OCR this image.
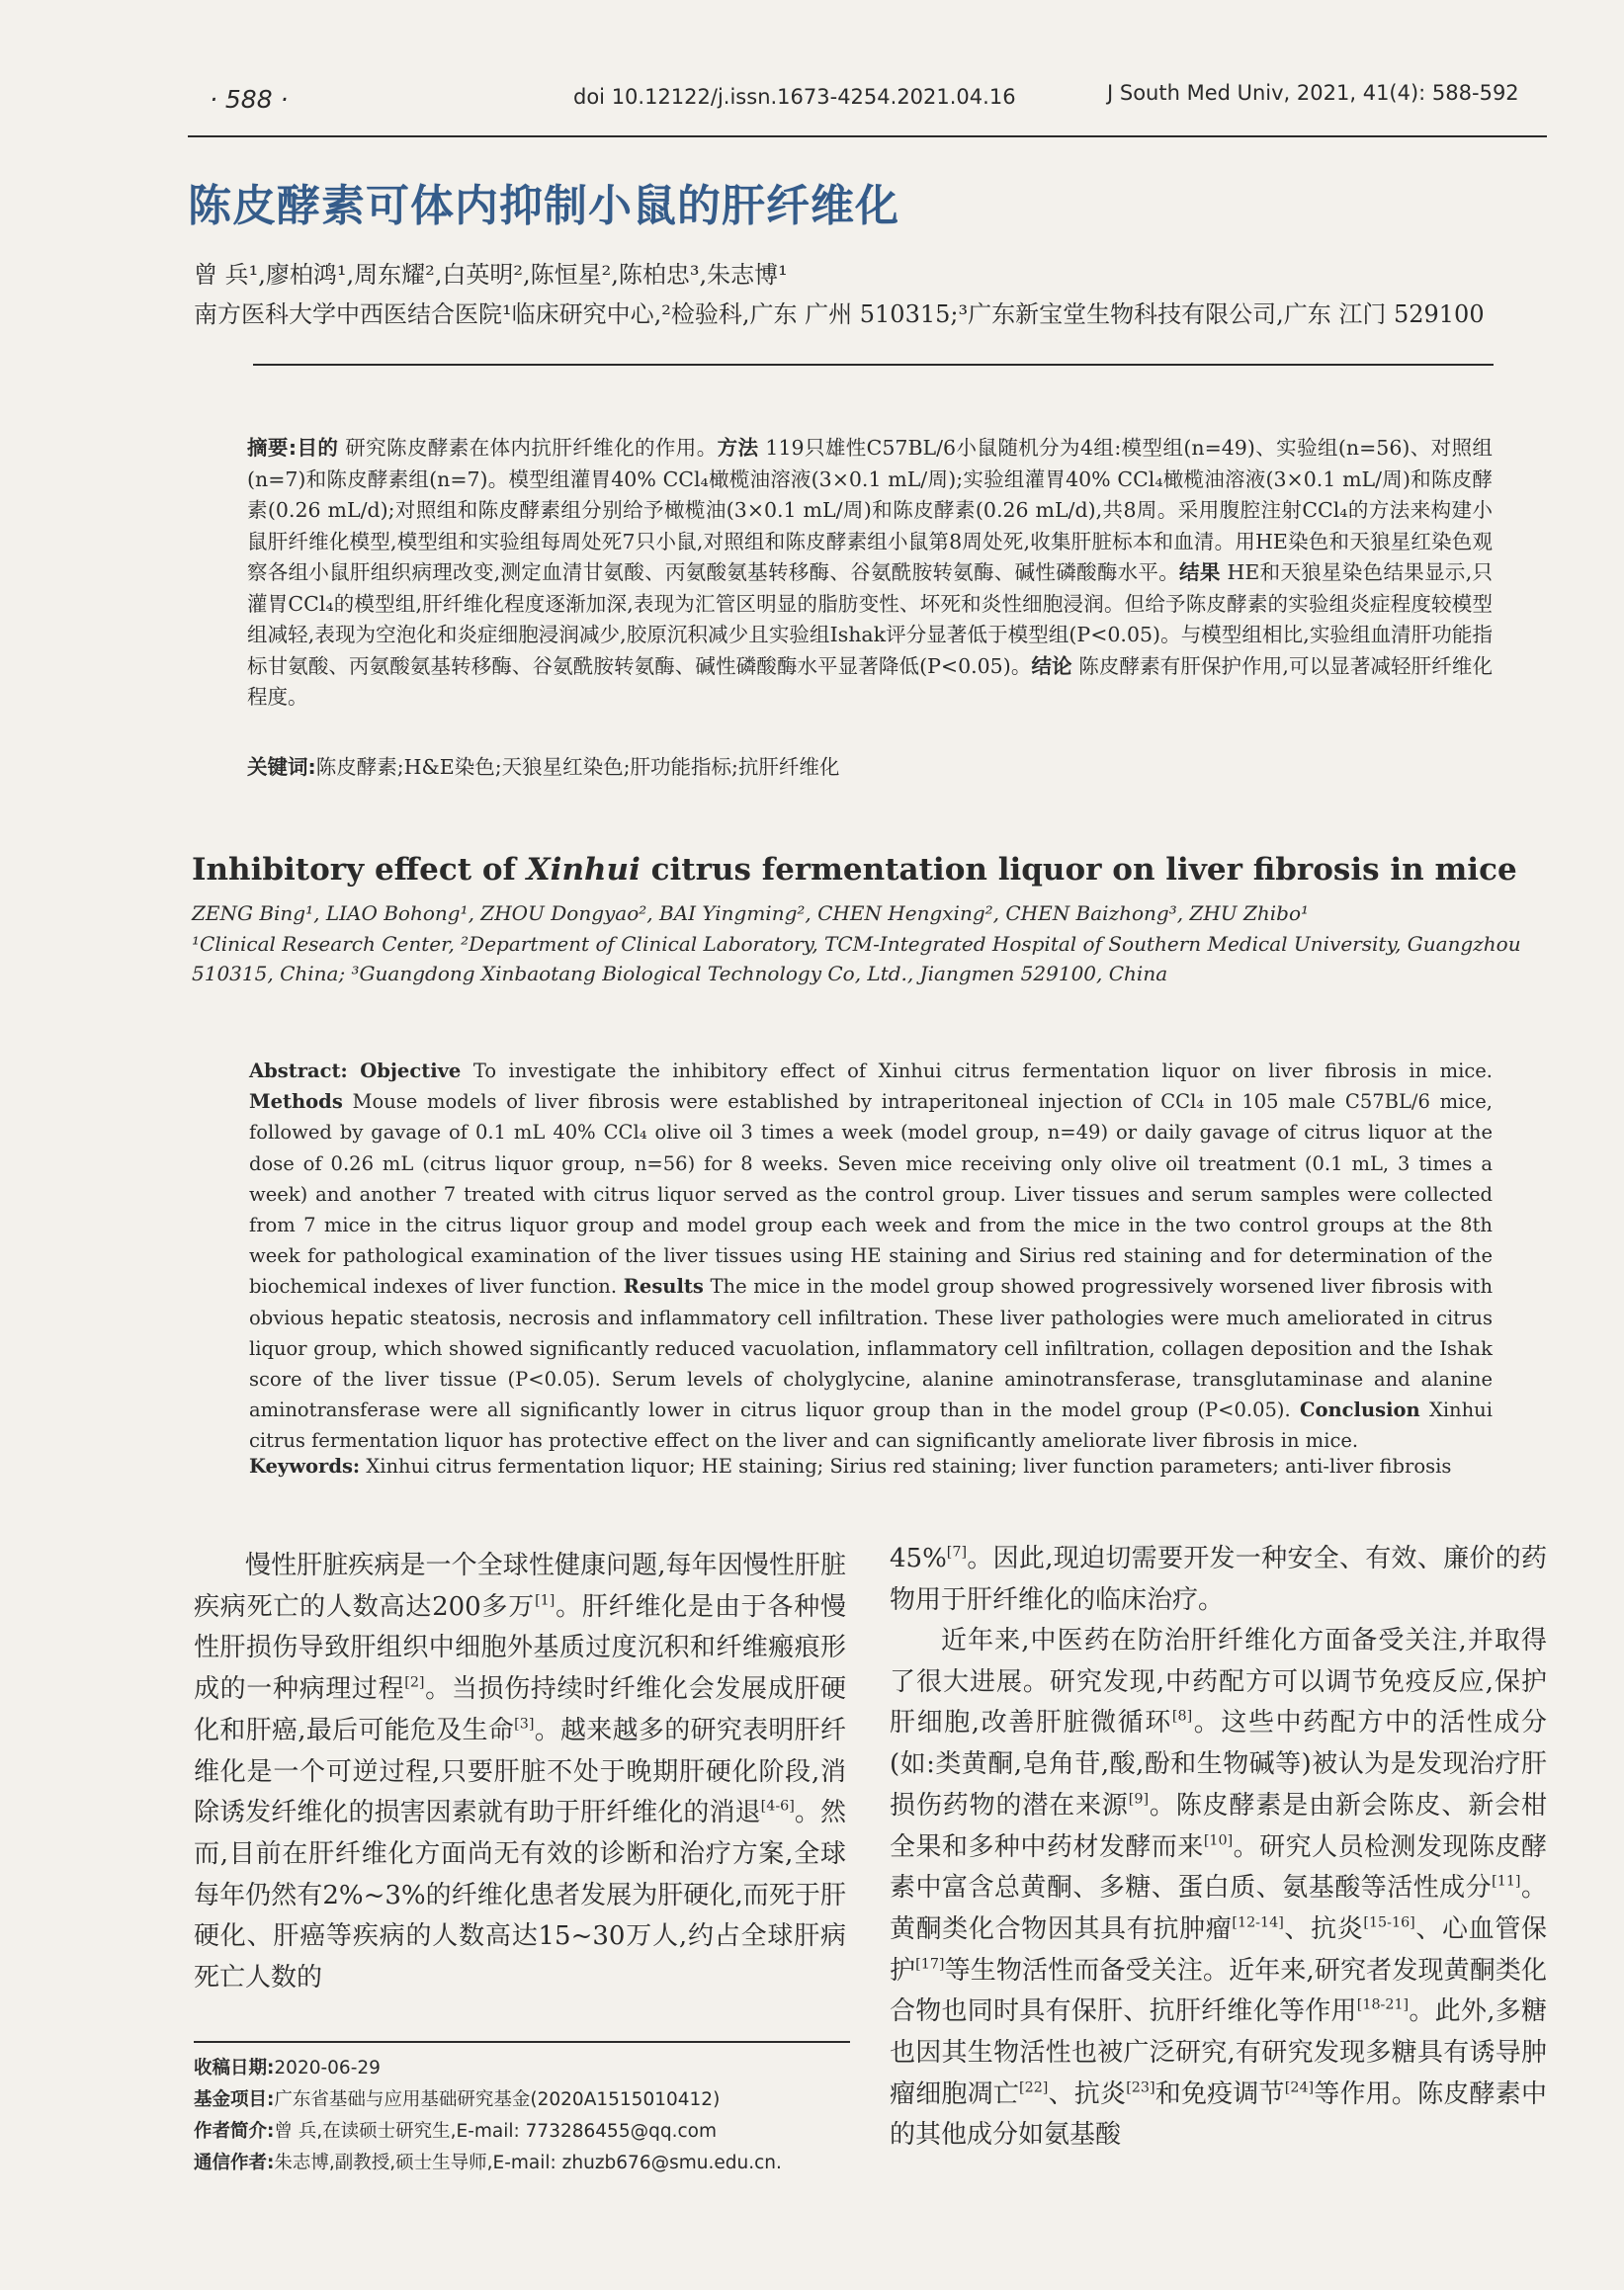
· 588 ·	doi 10.12122/j.issn.1673-4254.2021.04.16	J South Med Univ, 2021, 41(4): 588-592
陈皮酵素可体内抑制小鼠的肝纤维化
曾 兵¹,廖柏鸿¹,周东耀²,白英明²,陈恒星²,陈柏忠³,朱志博¹
南方医科大学中西医结合医院¹临床研究中心,²检验科,广东 广州 510315;³广东新宝堂生物科技有限公司,广东 江门 529100
摘要:目的 研究陈皮酵素在体内抗肝纤维化的作用。方法 119只雄性C57BL/6小鼠随机分为4组:模型组(n=49)、实验组(n=56)、对照组(n=7)和陈皮酵素组(n=7)。模型组灌胃40% CCl₄橄榄油溶液(3×0.1 mL/周);实验组灌胃40% CCl₄橄榄油溶液(3×0.1 mL/周)和陈皮酵素(0.26 mL/d);对照组和陈皮酵素组分别给予橄榄油(3×0.1 mL/周)和陈皮酵素(0.26 mL/d),共8周。采用腹腔注射CCl₄的方法来构建小鼠肝纤维化模型,模型组和实验组每周处死7只小鼠,对照组和陈皮酵素组小鼠第8周处死,收集肝脏标本和血清。用HE染色和天狼星红染色观察各组小鼠肝组织病理改变,测定血清甘氨酸、丙氨酸氨基转移酶、谷氨酰胺转氨酶、碱性磷酸酶水平。结果 HE和天狼星染色结果显示,只灌胃CCl₄的模型组,肝纤维化程度逐渐加深,表现为汇管区明显的脂肪变性、坏死和炎性细胞浸润。但给予陈皮酵素的实验组炎症程度较模型组减轻,表现为空泡化和炎症细胞浸润减少,胶原沉积减少且实验组Ishak评分显著低于模型组(P<0.05)。与模型组相比,实验组血清肝功能指标甘氨酸、丙氨酸氨基转移酶、谷氨酰胺转氨酶、碱性磷酸酶水平显著降低(P<0.05)。结论 陈皮酵素有肝保护作用,可以显著减轻肝纤维化程度。
关键词:陈皮酵素;H&E染色;天狼星红染色;肝功能指标;抗肝纤维化
Inhibitory effect of Xinhui citrus fermentation liquor on liver fibrosis in mice
ZENG Bing¹, LIAO Bohong¹, ZHOU Dongyao², BAI Yingming², CHEN Hengxing², CHEN Baizhong³, ZHU Zhibo¹
¹Clinical Research Center, ²Department of Clinical Laboratory, TCM-Integrated Hospital of Southern Medical University, Guangzhou 510315, China; ³Guangdong Xinbaotang Biological Technology Co, Ltd., Jiangmen 529100, China
Abstract: Objective To investigate the inhibitory effect of Xinhui citrus fermentation liquor on liver fibrosis in mice. Methods Mouse models of liver fibrosis were established by intraperitoneal injection of CCl₄ in 105 male C57BL/6 mice, followed by gavage of 0.1 mL 40% CCl₄ olive oil 3 times a week (model group, n=49) or daily gavage of citrus liquor at the dose of 0.26 mL (citrus liquor group, n=56) for 8 weeks. Seven mice receiving only olive oil treatment (0.1 mL, 3 times a week) and another 7 treated with citrus liquor served as the control group. Liver tissues and serum samples were collected from 7 mice in the citrus liquor group and model group each week and from the mice in the two control groups at the 8th week for pathological examination of the liver tissues using HE staining and Sirius red staining and for determination of the biochemical indexes of liver function. Results The mice in the model group showed progressively worsened liver fibrosis with obvious hepatic steatosis, necrosis and inflammatory cell infiltration. These liver pathologies were much ameliorated in citrus liquor group, which showed significantly reduced vacuolation, inflammatory cell infiltration, collagen deposition and the Ishak score of the liver tissue (P<0.05). Serum levels of cholyglycine, alanine aminotransferase, transglutaminase and alanine aminotransferase were all significantly lower in citrus liquor group than in the model group (P<0.05). Conclusion Xinhui citrus fermentation liquor has protective effect on the liver and can significantly ameliorate liver fibrosis in mice.
Keywords: Xinhui citrus fermentation liquor; HE staining; Sirius red staining; liver function parameters; anti-liver fibrosis
慢性肝脏疾病是一个全球性健康问题,每年因慢性肝脏疾病死亡的人数高达200多万[1]。肝纤维化是由于各种慢性肝损伤导致肝组织中细胞外基质过度沉积和纤维瘢痕形成的一种病理过程[2]。当损伤持续时纤维化会发展成肝硬化和肝癌,最后可能危及生命[3]。越来越多的研究表明肝纤维化是一个可逆过程,只要肝脏不处于晚期肝硬化阶段,消除诱发纤维化的损害因素就有助于肝纤维化的消退[4-6]。然而,目前在肝纤维化方面尚无有效的诊断和治疗方案,全球每年仍然有2%~3%的纤维化患者发展为肝硬化,而死于肝硬化、肝癌等疾病的人数高达15~30万人,约占全球肝病死亡人数的
45%[7]。因此,现迫切需要开发一种安全、有效、廉价的药物用于肝纤维化的临床治疗。
近年来,中医药在防治肝纤维化方面备受关注,并取得了很大进展。研究发现,中药配方可以调节免疫反应,保护肝细胞,改善肝脏微循环[8]。这些中药配方中的活性成分(如:类黄酮,皂角苷,酸,酚和生物碱等)被认为是发现治疗肝损伤药物的潜在来源[9]。陈皮酵素是由新会陈皮、新会柑全果和多种中药材发酵而来[10]。研究人员检测发现陈皮酵素中富含总黄酮、多糖、蛋白质、氨基酸等活性成分[11]。黄酮类化合物因其具有抗肿瘤[12-14]、抗炎[15-16]、心血管保护[17]等生物活性而备受关注。近年来,研究者发现黄酮类化合物也同时具有保肝、抗肝纤维化等作用[18-21]。此外,多糖也因其生物活性也被广泛研究,有研究发现多糖具有诱导肿瘤细胞凋亡[22]、抗炎[23]和免疫调节[24]等作用。陈皮酵素中的其他成分如氨基酸
收稿日期:2020-06-29
基金项目:广东省基础与应用基础研究基金(2020A1515010412)
作者简介:曾 兵,在读硕士研究生,E-mail: 773286455@qq.com
通信作者:朱志博,副教授,硕士生导师,E-mail: zhuzb676@smu.edu.cn.
